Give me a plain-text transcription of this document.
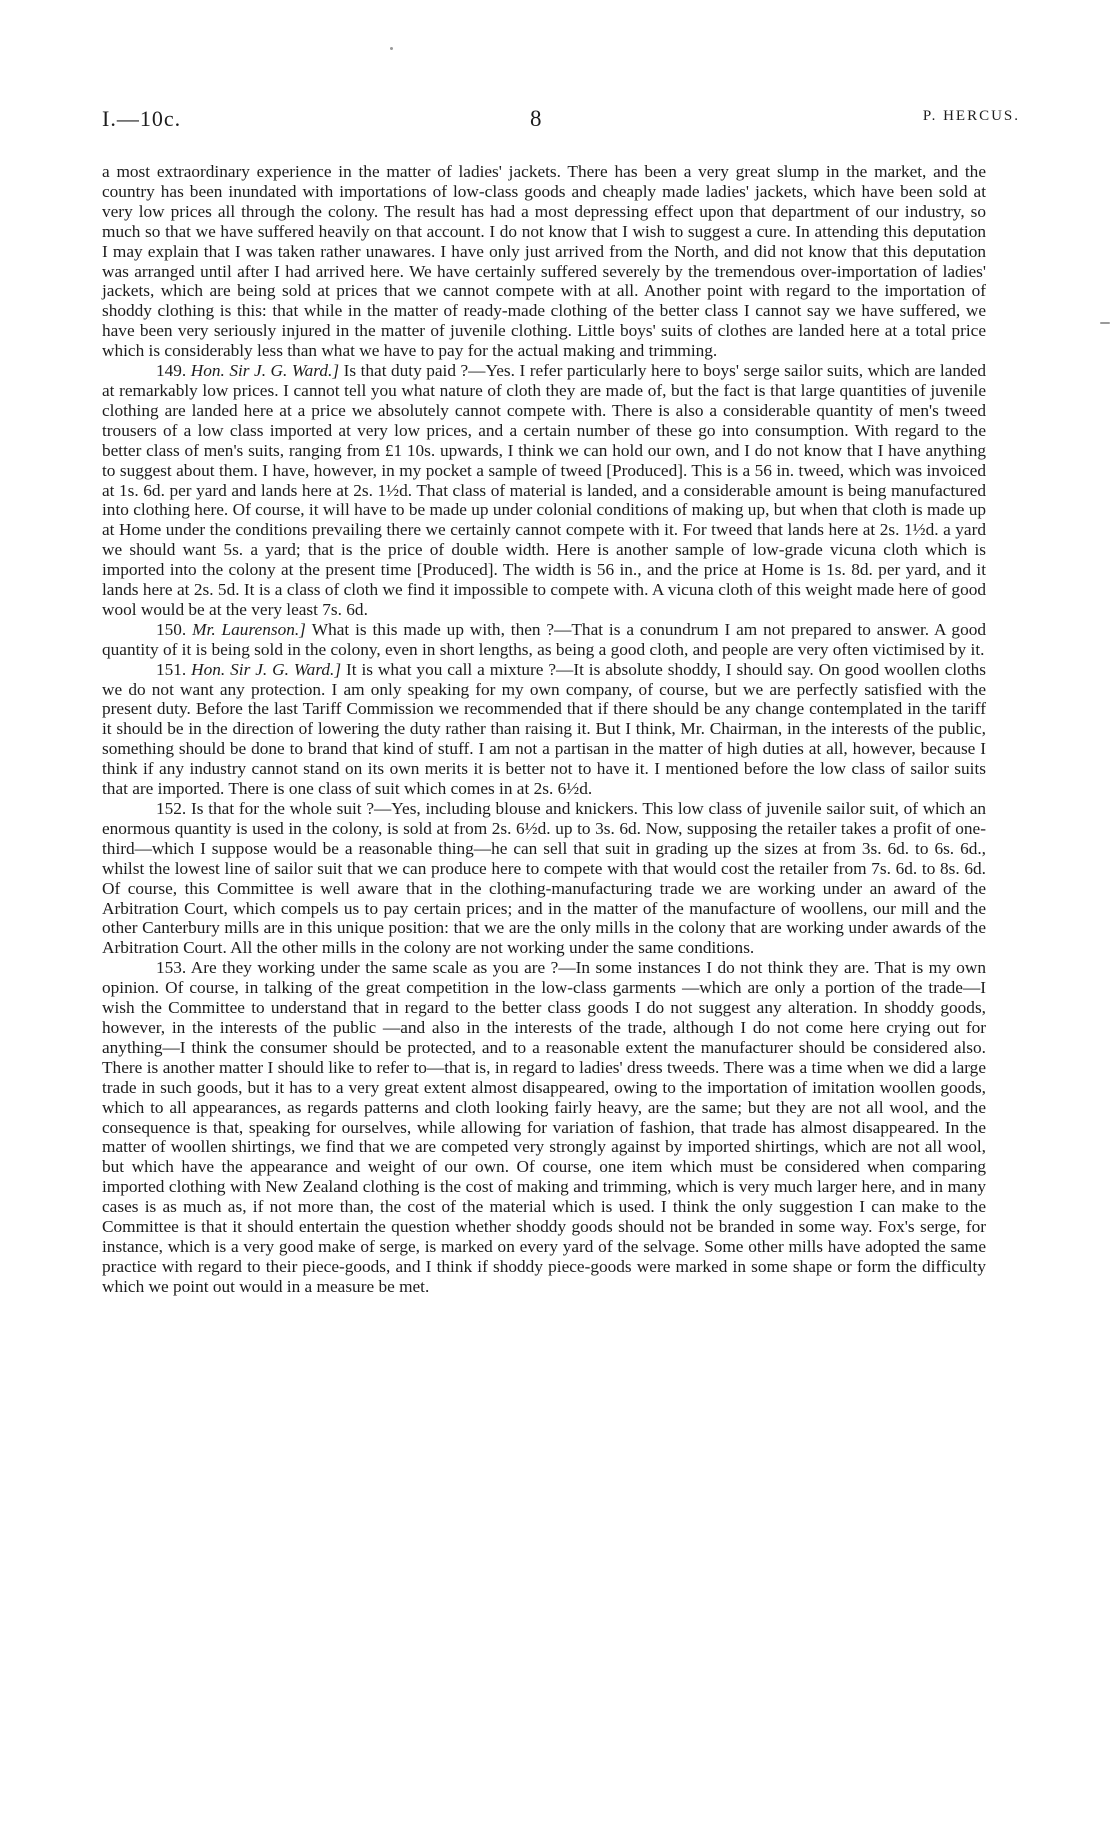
I.—10c.	8	P. HERCUS.

a most extraordinary experience in the matter of ladies' jackets. There has been a very great slump in the market, and the country has been inundated with importations of low-class goods and cheaply made ladies' jackets, which have been sold at very low prices all through the colony. The result has had a most depressing effect upon that department of our industry, so much so that we have suffered heavily on that account. I do not know that I wish to suggest a cure. In attending this deputation I may explain that I was taken rather unawares. I have only just arrived from the North, and did not know that this deputation was arranged until after I had arrived here. We have certainly suffered severely by the tremendous over-importation of ladies' jackets, which are being sold at prices that we cannot compete with at all. Another point with regard to the importation of shoddy clothing is this: that while in the matter of ready-made clothing of the better class I cannot say we have suffered, we have been very seriously injured in the matter of juvenile clothing. Little boys' suits of clothes are landed here at a total price which is considerably less than what we have to pay for the actual making and trimming.

149. Hon. Sir J. G. Ward.] Is that duty paid ?—Yes. I refer particularly here to boys' serge sailor suits, which are landed at remarkably low prices. I cannot tell you what nature of cloth they are made of, but the fact is that large quantities of juvenile clothing are landed here at a price we absolutely cannot compete with. There is also a considerable quantity of men's tweed trousers of a low class imported at very low prices, and a certain number of these go into consumption. With regard to the better class of men's suits, ranging from £1 10s. upwards, I think we can hold our own, and I do not know that I have anything to suggest about them. I have, however, in my pocket a sample of tweed [Produced]. This is a 56 in. tweed, which was invoiced at 1s. 6d. per yard and lands here at 2s. 1½d. That class of material is landed, and a considerable amount is being manufactured into clothing here. Of course, it will have to be made up under colonial conditions of making up, but when that cloth is made up at Home under the conditions prevailing there we certainly cannot compete with it. For tweed that lands here at 2s. 1½d. a yard we should want 5s. a yard; that is the price of double width. Here is another sample of low-grade vicuna cloth which is imported into the colony at the present time [Produced]. The width is 56 in., and the price at Home is 1s. 8d. per yard, and it lands here at 2s. 5d. It is a class of cloth we find it impossible to compete with. A vicuna cloth of this weight made here of good wool would be at the very least 7s. 6d.

150. Mr. Laurenson.] What is this made up with, then ?—That is a conundrum I am not prepared to answer. A good quantity of it is being sold in the colony, even in short lengths, as being a good cloth, and people are very often victimised by it.

151. Hon. Sir J. G. Ward.] It is what you call a mixture ?—It is absolute shoddy, I should say. On good woollen cloths we do not want any protection. I am only speaking for my own company, of course, but we are perfectly satisfied with the present duty. Before the last Tariff Commission we recommended that if there should be any change contemplated in the tariff it should be in the direction of lowering the duty rather than raising it. But I think, Mr. Chairman, in the interests of the public, something should be done to brand that kind of stuff. I am not a partisan in the matter of high duties at all, however, because I think if any industry cannot stand on its own merits it is better not to have it. I mentioned before the low class of sailor suits that are imported. There is one class of suit which comes in at 2s. 6½d.

152. Is that for the whole suit ?—Yes, including blouse and knickers. This low class of juvenile sailor suit, of which an enormous quantity is used in the colony, is sold at from 2s. 6½d. up to 3s. 6d. Now, supposing the retailer takes a profit of one-third—which I suppose would be a reasonable thing—he can sell that suit in grading up the sizes at from 3s. 6d. to 6s. 6d., whilst the lowest line of sailor suit that we can produce here to compete with that would cost the retailer from 7s. 6d. to 8s. 6d. Of course, this Committee is well aware that in the clothing-manufacturing trade we are working under an award of the Arbitration Court, which compels us to pay certain prices; and in the matter of the manufacture of woollens, our mill and the other Canterbury mills are in this unique position: that we are the only mills in the colony that are working under awards of the Arbitration Court. All the other mills in the colony are not working under the same conditions.

153. Are they working under the same scale as you are ?—In some instances I do not think they are. That is my own opinion. Of course, in talking of the great competition in the low-class garments —which are only a portion of the trade—I wish the Committee to understand that in regard to the better class goods I do not suggest any alteration. In shoddy goods, however, in the interests of the public —and also in the interests of the trade, although I do not come here crying out for anything—I think the consumer should be protected, and to a reasonable extent the manufacturer should be considered also. There is another matter I should like to refer to—that is, in regard to ladies' dress tweeds. There was a time when we did a large trade in such goods, but it has to a very great extent almost disappeared, owing to the importation of imitation woollen goods, which to all appearances, as regards patterns and cloth looking fairly heavy, are the same; but they are not all wool, and the consequence is that, speaking for ourselves, while allowing for variation of fashion, that trade has almost disappeared. In the matter of woollen shirtings, we find that we are competed very strongly against by imported shirtings, which are not all wool, but which have the appearance and weight of our own. Of course, one item which must be considered when comparing imported clothing with New Zealand clothing is the cost of making and trimming, which is very much larger here, and in many cases is as much as, if not more than, the cost of the material which is used. I think the only suggestion I can make to the Committee is that it should entertain the question whether shoddy goods should not be branded in some way. Fox's serge, for instance, which is a very good make of serge, is marked on every yard of the selvage. Some other mills have adopted the same practice with regard to their piece-goods, and I think if shoddy piece-goods were marked in some shape or form the difficulty which we point out would in a measure be met.
